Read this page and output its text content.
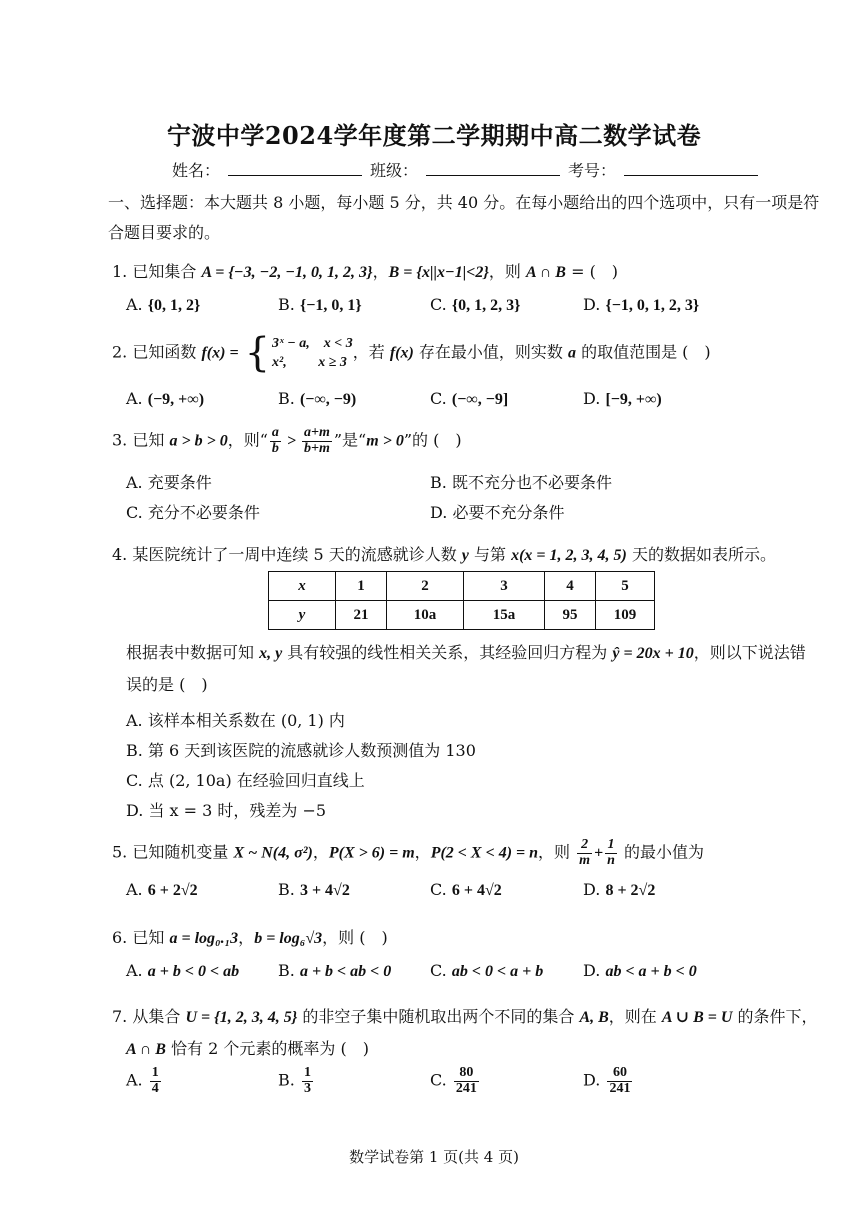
宁波中学2024学年度第二学期期中高二数学试卷
姓名：	班级：	考号：
一、选择题：本大题共 8 小题，每小题 5 分，共 40 分。在每小题给出的四个选项中，只有一项是符
合题目要求的。
1. 已知集合 A = {−3, −2, −1, 0, 1, 2, 3}，B = {x||x−1|<2}，则 A ∩ B = (　)
A. {0, 1, 2}	B. {−1, 0, 1}	C. {0, 1, 2, 3}	D. {−1, 0, 1, 2, 3}
2. 已知函数 f(x) = { 3ˣ − a,　x < 3
x²,　　 x ≥ 3，若 f(x) 存在最小值，则实数 a 的取值范围是 (　)
A. (−9, +∞)	B. (−∞, −9)	C. (−∞, −9]	D. [−9, +∞)
3. 已知 a > b > 0，则“ $\frac{a}{b} > \frac{a+m}{b+m}$ ”是“m > 0”的 (　)
A. 充要条件	B. 既不充分也不必要条件
C. 充分不必要条件	D. 必要不充分条件
4. 某医院统计了一周中连续 5 天的流感就诊人数 y 与第 x(x = 1, 2, 3, 4, 5) 天的数据如表所示。
x	1	2	3	4	5
y	21	10a	15a	95	109
根据表中数据可知 x, y 具有较强的线性相关关系，其经验回归方程为 ŷ = 20x + 10，则以下说法错
误的是 (　)
A. 该样本相关系数在 (0, 1) 内
B. 第 6 天到该医院的流感就诊人数预测值为 130
C. 点 (2, 10a) 在经验回归直线上
D. 当 x = 3 时，残差为 −5
5. 已知随机变量 X ~ N(4, σ²)，P(X > 6) = m，P(2 < X < 4) = n，则 $\frac{2}{m} + \frac{1}{n}$ 的最小值为
A. 6 + 2√2	B. 3 + 4√2	C. 6 + 4√2	D. 8 + 2√2
6. 已知 a = log₀.₁3，b = log₆√3，则 (　)
A. a + b < 0 < ab B. a + b < ab < 0 C. ab < 0 < a + b D. ab < a + b < 0
7. 从集合 U = {1, 2, 3, 4, 5} 的非空子集中随机取出两个不同的集合 A, B，则在 A ∪ B = U 的条件下，
A ∩ B 恰有 2 个元素的概率为 (　)
A. $\frac{1}{4}$	B. $\frac{1}{3}$	C. $\frac{80}{241}$	D. $\frac{60}{241}$
数学试卷第 1 页(共 4 页)
